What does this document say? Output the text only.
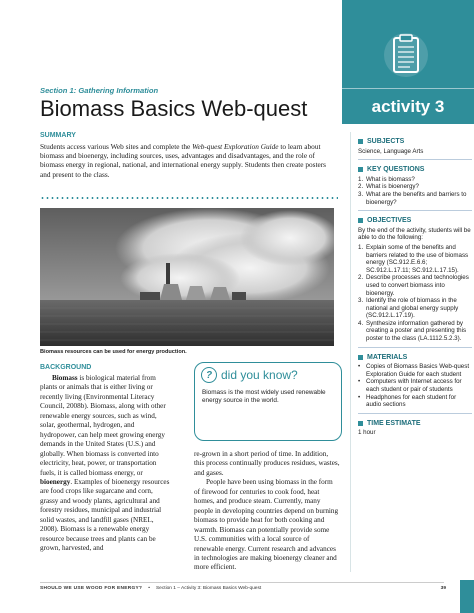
activity 3
SUBJECTS
Science, Language Arts
KEY QUESTIONS
1. What is biomass?
2. What is bioenergy?
3. What are the benefits and barriers to bioenergy?
OBJECTIVES
By the end of the activity, students will be able to do the following:
1. Explain some of the benefits and barriers related to the use of biomass energy (SC.912.E.6.6; SC.912.L.17.11; SC.912.L.17.15).
2. Describe processes and technologies used to convert biomass into bioenergy.
3. Identify the role of biomass in the national and global energy supply (SC.912.L.17.19).
4. Synthesize information gathered by creating a poster and presenting this poster to the class (LA.1112.5.2.3).
MATERIALS
• Copies of Biomass Basics Web-quest Exploration Guide for each student
• Computers with Internet access for each student or pair of students
• Headphones for each student for audio sections
TIME ESTIMATE
1 hour
Section 1: Gathering Information
Biomass Basics Web-quest
SUMMARY
Students access various Web sites and complete the Web-quest Exploration Guide to learn about biomass and bioenergy, including sources, uses, advantages and disadvantages, and the role of biomass energy in regional, national, and international energy supply. Students then create posters and present to the class.
Biomass resources can be used for energy production.
BACKGROUND

Biomass is biological material from plants or animals that is either living or recently living (Environmental Literacy Council, 2008b). Biomass, along with other renewable energy sources, such as wind, solar, geothermal, hydrogen, and hydropower, can help meet growing energy demands in the United States (U.S.) and globally. When biomass is converted into electricity, heat, power, or transportation fuels, it is called biomass energy, or bioenergy. Examples of bioenergy resources are food crops like sugarcane and corn, grassy and woody plants, agricultural and forestry residues, municipal and industrial solid wastes, and landfill gases (NREL, 2008). Biomass is a renewable energy resource because trees and plants can be grown, harvested, and

? did you know?
Biomass is the most widely used renewable energy source in the world.

re-grown in a short period of time. In addition, this process continually produces residues, wastes, and gases.

People have been using biomass in the form of firewood for centuries to cook food, heat homes, and produce steam. Currently, many people in developing countries depend on burning biomass to provide heat for both cooking and warmth. Biomass can potentially provide some U.S. communities with a local source of renewable energy. Current research and advances in technologies are making bioenergy cleaner and more efficient.

SHOULD WE USE WOOD FOR ENERGY? • Section 1 – Activity 3: Biomass Basics Web-quest	39
